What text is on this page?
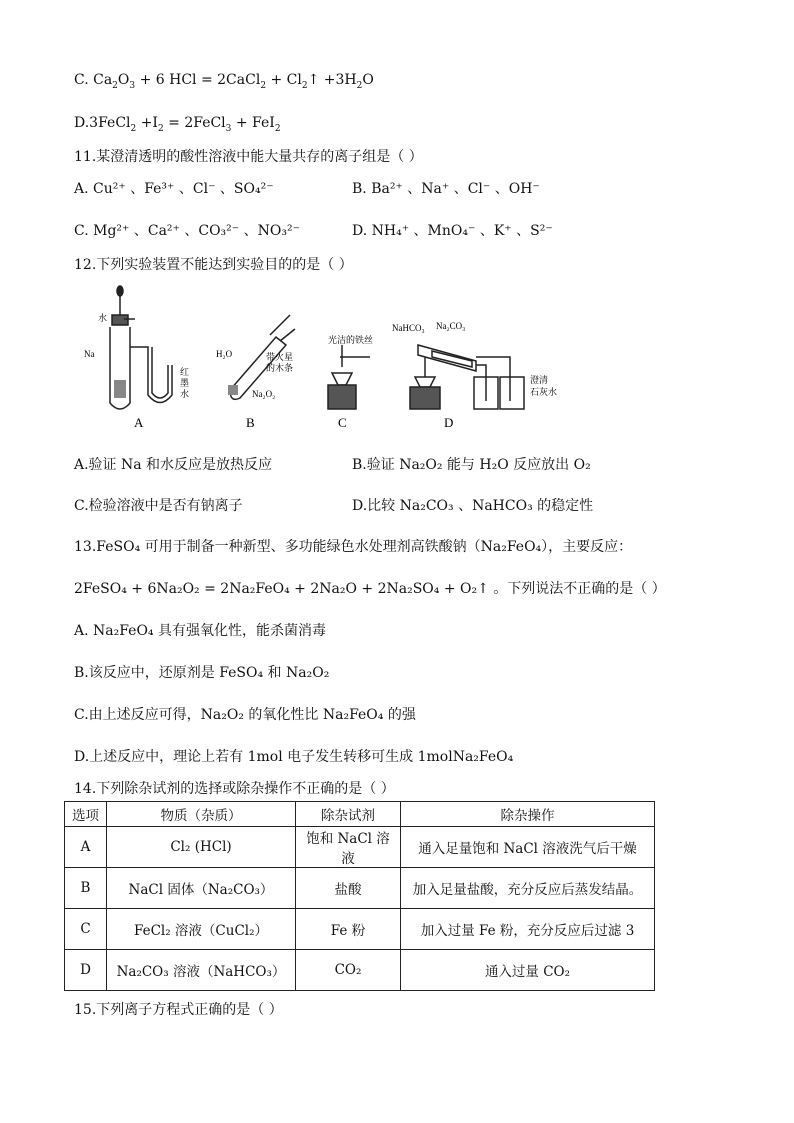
C. $Ca_2O_3 + 6$ HCl = 2CaCl$_2$ + $Cl_2↑ +3H_2O$
D.3FeCl$_2$ $+I_2$ = 2FeCl$_3$ + FeI$_2$
11.某澄清透明的酸性溶液中能大量共存的离子组是（ ）
A. Cu²⁺ 、Fe³⁺ 、Cl⁻ 、SO₄²⁻	B. Ba²⁺ 、Na⁺ 、Cl⁻ 、OH⁻
C. Mg²⁺ 、Ca²⁺ 、CO₃²⁻ 、NO₃²⁻	D. NH₄⁺ 、MnO₄⁻ 、K⁺ 、S²⁻
12.下列实验装置不能达到实验目的的是（ ）
水
Na
红
墨
水
A
H₂O
Na₂O₂
带火星
的木条
B
光洁的铁丝
C
NaHCO₃ Na₂CO₃
澄清
石灰水
D
A.验证 Na 和水反应是放热反应	B.验证 Na₂O₂ 能与 H₂O 反应放出 O₂
C.检验溶液中是否有钠离子	D.比较 Na₂CO₃ 、NaHCO₃ 的稳定性
13.FeSO₄ 可用于制备一种新型、多功能绿色水处理剂高铁酸钠（Na₂FeO₄），主要反应：
2FeSO₄ + 6Na₂O₂ = 2Na₂FeO₄ + 2Na₂O + 2Na₂SO₄ + O₂↑ 。下列说法不正确的是（ ）
A. Na₂FeO₄ 具有强氧化性，能杀菌消毒
B.该反应中，还原剂是 FeSO₄ 和 Na₂O₂
C.由上述反应可得，Na₂O₂ 的氧化性比 Na₂FeO₄ 的强
D.上述反应中，理论上若有 1mol 电子发生转移可生成 1molNa₂FeO₄
14.下列除杂试剂的选择或除杂操作不正确的是（ ）
选项	物质（杂质）	除杂试剂	除杂操作
A	Cl₂ (HCl)	饱和 NaCl 溶液	通入足量饱和 NaCl 溶液洗气后干燥
B	NaCl 固体（Na₂CO₃）	盐酸	加入足量盐酸，充分反应后蒸发结晶。
C	FeCl₂ 溶液（CuCl₂）	Fe 粉	加入过量 Fe 粉，充分反应后过滤 3
D	Na₂CO₃ 溶液（NaHCO₃）	CO₂	通入过量 CO₂
15.下列离子方程式正确的是（ ）
